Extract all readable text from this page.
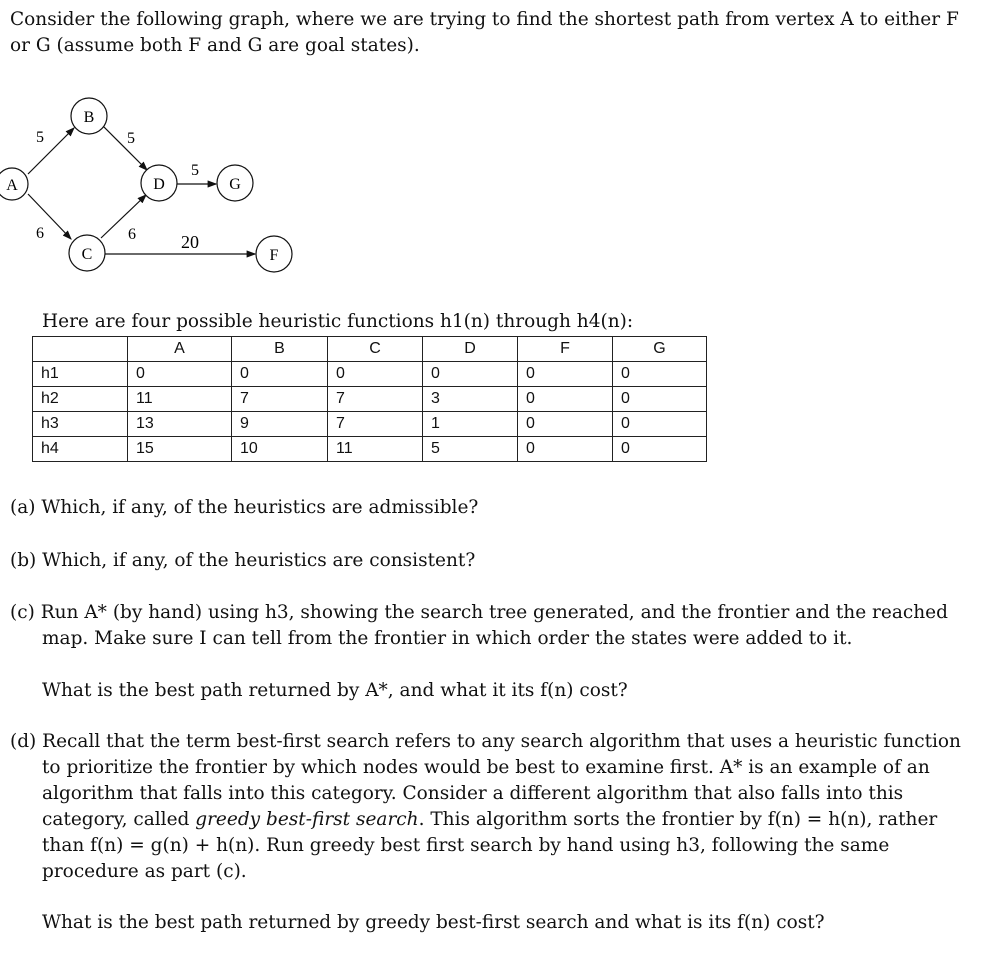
Consider the following graph, where we are trying to find the shortest path from vertex A to either F
or G (assume both F and G are goal states).
5
6
5
6
5
20
A
B
C
D	G
F
Here are four possible heuristic functions h1(n) through h4(n):
	A	B	C	D	F	G
h1	0	0	0	0	0	0
h2	11	7	7	3	0	0
h3	13	9	7	1	0	0
h4	15	10	11	5	0	0
(a) Which, if any, of the heuristics are admissible?
(b) Which, if any, of the heuristics are consistent?
(c) Run A* (by hand) using h3, showing the search tree generated, and the frontier and the reached
map. Make sure I can tell from the frontier in which order the states were added to it.
What is the best path returned by A*, and what it its f(n) cost?
(d) Recall that the term best-first search refers to any search algorithm that uses a heuristic function
to prioritize the frontier by which nodes would be best to examine first. A* is an example of an
algorithm that falls into this category. Consider a different algorithm that also falls into this
category, called greedy best-first search. This algorithm sorts the frontier by f(n) = h(n), rather
than f(n) = g(n) + h(n). Run greedy best first search by hand using h3, following the same
procedure as part (c).
What is the best path returned by greedy best-first search and what is its f(n) cost?
